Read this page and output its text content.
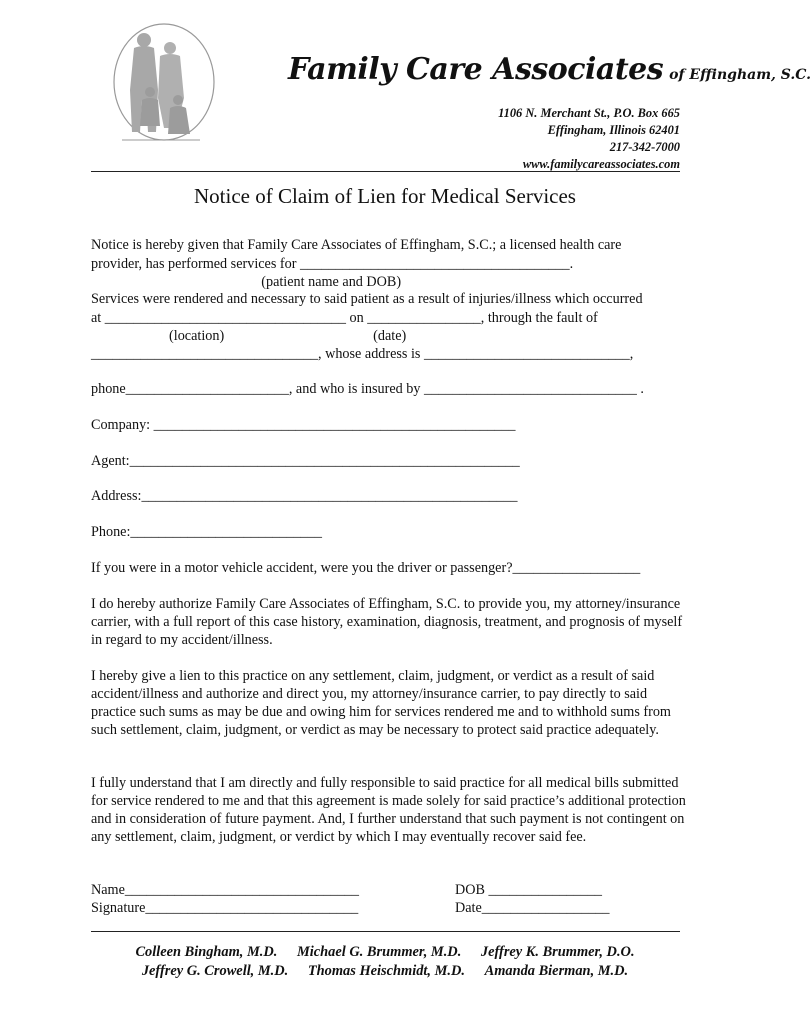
Family Care Associates of Effingham, S.C.
1106 N. Merchant St., P.O. Box 665
Effingham, Illinois 62401
217-342-7000
www.familycareassociates.com
Notice of Claim of Lien for Medical Services
Notice is hereby given that Family Care Associates of Effingham, S.C.; a licensed health care
provider, has performed services for ______________________________________.
(patient name and DOB)
Services were rendered and necessary to said patient as a result of injuries/illness which occurred
at __________________________________ on ________________, through the fault of
(location)                                          (date)
________________________________, whose address is _____________________________,
phone_______________________, and who is insured by ______________________________ .
Company: ___________________________________________________
Agent:_______________________________________________________
Address:_____________________________________________________
Phone:___________________________
If you were in a motor vehicle accident, were you the driver or passenger?__________________
I do hereby authorize Family Care Associates of Effingham, S.C. to provide you, my attorney/insurance carrier, with a full report of this case history, examination, diagnosis, treatment, and prognosis of myself in regard to my accident/illness.
I hereby give a lien to this practice on any settlement, claim, judgment, or verdict as a result of said accident/illness and authorize and direct you, my attorney/insurance carrier, to pay directly to said practice such sums as may be due and owing him for services rendered me and to withhold sums from such settlement, claim, judgment, or verdict as may be necessary to protect said practice adequately.
I fully understand that I am directly and fully responsible to said practice for all medical bills submitted for service rendered to me and that this agreement is made solely for said practice’s additional protection and in consideration of future payment. And, I further understand that such payment is not contingent on any settlement, claim, judgment, or verdict by which I may eventually recover said fee.
Name_________________________________
Signature______________________________
DOB ________________
Date__________________
Colleen Bingham, M.D. Michael G. Brummer, M.D. Jeffrey K. Brummer, D.O.
Jeffrey G. Crowell, M.D. Thomas Heischmidt, M.D. Amanda Bierman, M.D.
